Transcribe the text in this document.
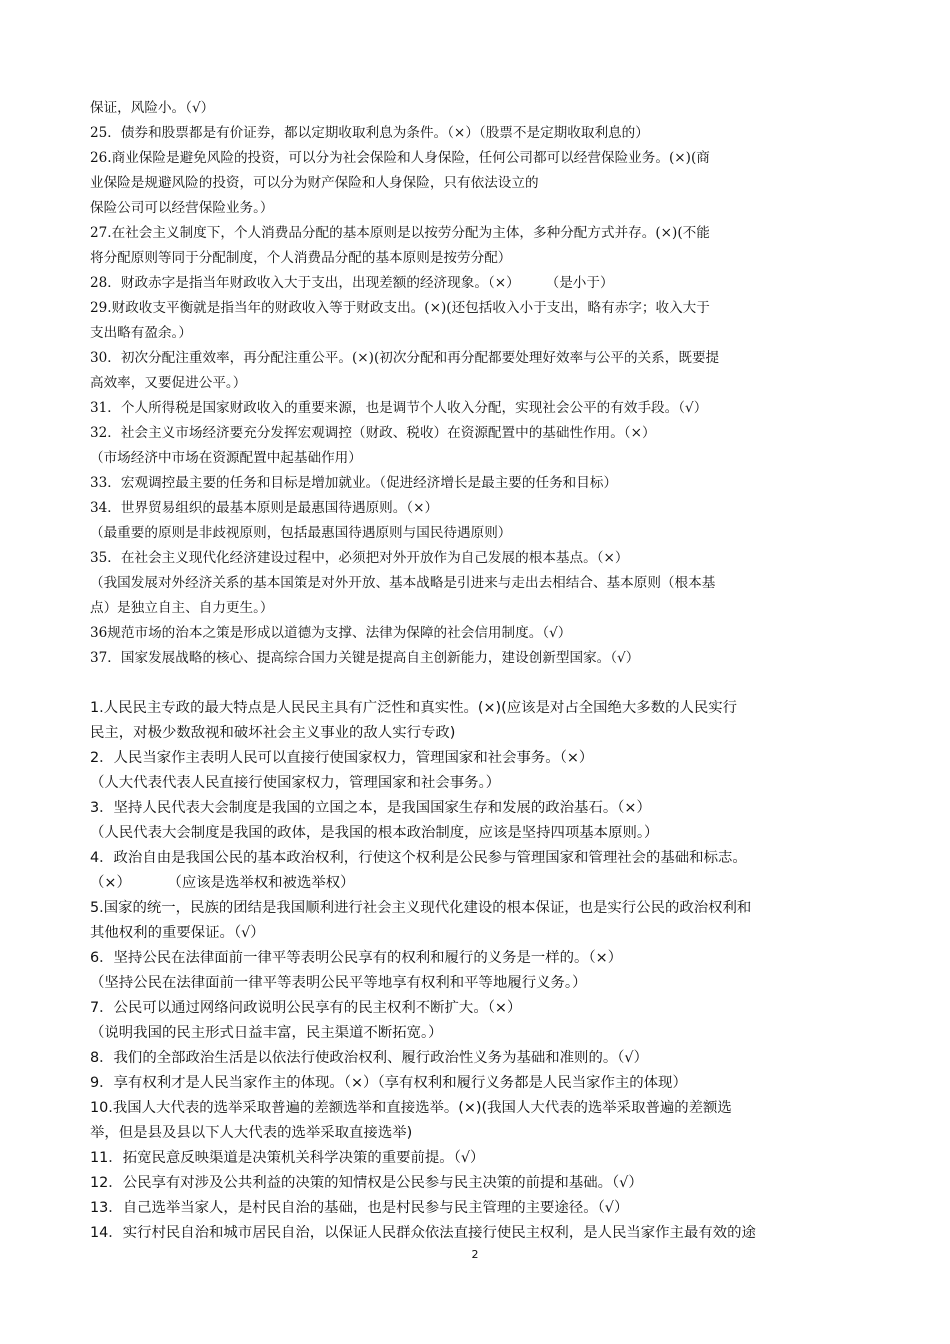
保证，风险小。（√）
25．债券和股票都是有价证券，都以定期收取利息为条件。（×）（股票不是定期收取利息的）
26.商业保险是避免风险的投资，可以分为社会保险和人身保险，任何公司都可以经营保险业务。(×)(商
业保险是规避风险的投资，可以分为财产保险和人身保险，只有依法设立的
保险公司可以经营保险业务。）
27.在社会主义制度下，个人消费品分配的基本原则是以按劳分配为主体，多种分配方式并存。(×)(不能
将分配原则等同于分配制度，个人消费品分配的基本原则是按劳分配）
28．财政赤字是指当年财政收入大于支出，出现差额的经济现象。（×）      （是小于）
29.财政收支平衡就是指当年的财政收入等于财政支出。(×)(还包括收入小于支出，略有赤字；收入大于
支出略有盈余。）
30．初次分配注重效率，再分配注重公平。(×)(初次分配和再分配都要处理好效率与公平的关系，既要提
高效率，又要促进公平。）
31．个人所得税是国家财政收入的重要来源，也是调节个人收入分配，实现社会公平的有效手段。（√）
32．社会主义市场经济要充分发挥宏观调控（财政、税收）在资源配置中的基础性作用。（×）
（市场经济中市场在资源配置中起基础作用）
33．宏观调控最主要的任务和目标是增加就业。（促进经济增长是最主要的任务和目标）
34．世界贸易组织的最基本原则是最惠国待遇原则。（×）
（最重要的原则是非歧视原则，包括最惠国待遇原则与国民待遇原则）
35．在社会主义现代化经济建设过程中，必须把对外开放作为自己发展的根本基点。（×）
（我国发展对外经济关系的基本国策是对外开放、基本战略是引进来与走出去相结合、基本原则（根本基
点）是独立自主、自力更生。）
36规范市场的治本之策是形成以道德为支撑、法律为保障的社会信用制度。（√）
37．国家发展战略的核心、提高综合国力关键是提高自主创新能力，建设创新型国家。（√）
1.人民民主专政的最大特点是人民民主具有广泛性和真实性。(×)(应该是对占全国绝大多数的人民实行
民主，对极少数敌视和破坏社会主义事业的敌人实行专政)
2．人民当家作主表明人民可以直接行使国家权力，管理国家和社会事务。（×）
（人大代表代表人民直接行使国家权力，管理国家和社会事务。）
3．坚持人民代表大会制度是我国的立国之本，是我国国家生存和发展的政治基石。（×）
（人民代表大会制度是我国的政体，是我国的根本政治制度，应该是坚持四项基本原则。）
4．政治自由是我国公民的基本政治权利，行使这个权利是公民参与管理国家和管理社会的基础和标志。
（×）        （应该是选举权和被选举权）
5.国家的统一，民族的团结是我国顺利进行社会主义现代化建设的根本保证，也是实行公民的政治权利和
其他权利的重要保证。（√）
6．坚持公民在法律面前一律平等表明公民享有的权利和履行的义务是一样的。（×）
（坚持公民在法律面前一律平等表明公民平等地享有权利和平等地履行义务。）
7．公民可以通过网络问政说明公民享有的民主权利不断扩大。（×）
（说明我国的民主形式日益丰富，民主渠道不断拓宽。）
8．我们的全部政治生活是以依法行使政治权利、履行政治性义务为基础和准则的。（√）
9．享有权利才是人民当家作主的体现。（×）（享有权利和履行义务都是人民当家作主的体现）
10.我国人大代表的选举采取普遍的差额选举和直接选举。(×)(我国人大代表的选举采取普遍的差额选
举，但是县及县以下人大代表的选举采取直接选举)
11．拓宽民意反映渠道是决策机关科学决策的重要前提。（√）
12．公民享有对涉及公共利益的决策的知情权是公民参与民主决策的前提和基础。（√）
13．自己选举当家人，是村民自治的基础，也是村民参与民主管理的主要途径。（√）
14．实行村民自治和城市居民自治，以保证人民群众依法直接行使民主权利，是人民当家作主最有效的途
2
